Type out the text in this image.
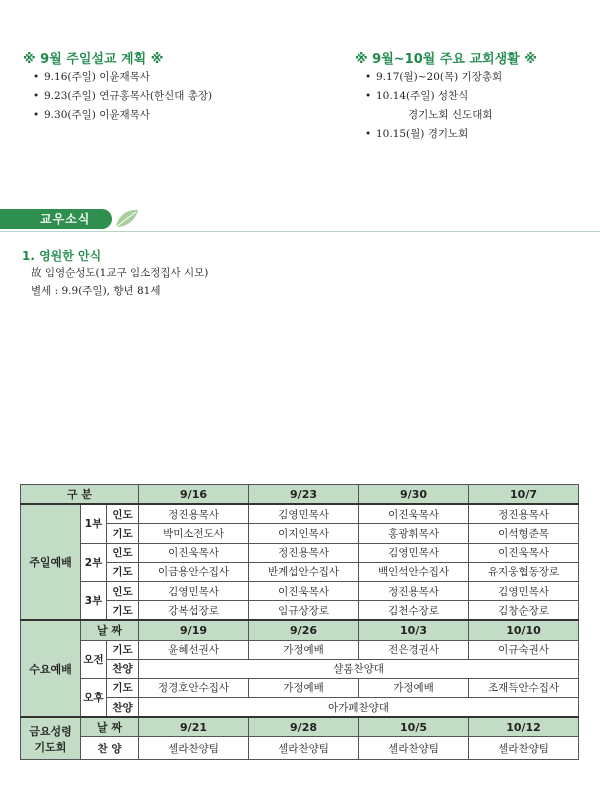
※ 9월 주일설교 계획 ※
• 9.16(주일) 이윤재목사
• 9.23(주일) 연규홍목사(한신대 총장)
• 9.30(주일) 이윤재목사
※ 9월~10월 주요 교회생활 ※
• 9.17(월)~20(목) 기장총회
• 10.14(주일) 성찬식
경기노회 신도대회
• 10.15(월) 경기노회
교우소식
1. 영원한 안식
故 임영순성도(1교구 임소정집사 시모)
별세 : 9.9(주일), 향년 81세
구 분			9/16	9/23	9/30	10/7
주일예배	1부	인도	정진용목사	김영민목사	이진욱목사	정진용목사
		기도	박미소전도사	이지인목사	홍광휘목사	이석형준목
	2부	인도	이진욱목사	정진용목사	김영민목사	이진욱목사
		기도	이금용안수집사	반계섭안수집사	백인석안수집사	유지웅협동장로
	3부	인도	김영민목사	이진욱목사	정진용목사	김영민목사
		기도	강복섭장로	임규상장로	김천수장로	김창순장로
수요예배	날 짜		9/19	9/26	10/3	10/10
	오전	기도	윤혜선권사	가정예배	전은경권사	이규숙권사
		찬양	샬롬찬양대			
	오후	기도	정경호안수집사	가정예배	가정예배	조재득안수집사
		찬양	아가페찬양대			
금요성령
기도회	날 짜		9/21	9/28	10/5	10/12
	찬 양		셀라찬양팀	셀라찬양팀	셀라찬양팀	셀라찬양팀
